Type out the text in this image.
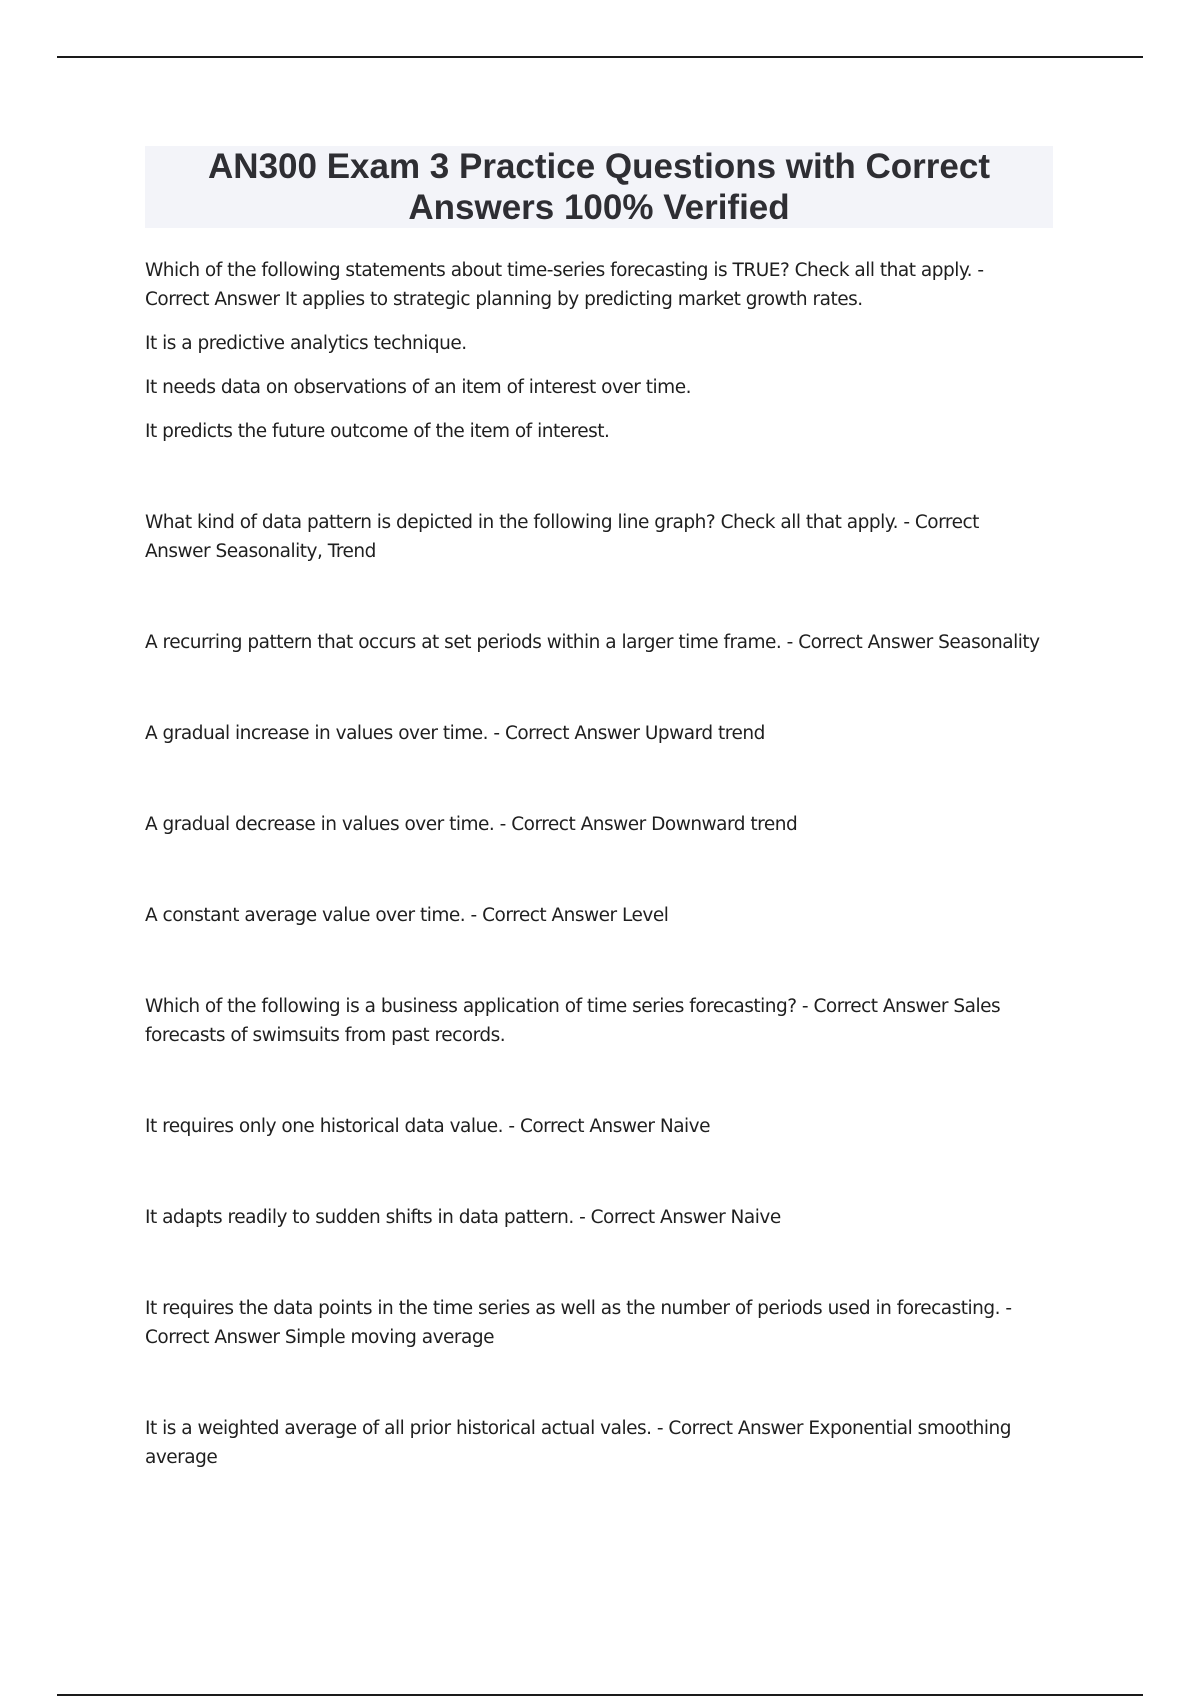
AN300 Exam 3 Practice Questions with Correct Answers 100% Verified

Which of the following statements about time-series forecasting is TRUE? Check all that apply. - Correct Answer It applies to strategic planning by predicting market growth rates.

It is a predictive analytics technique.

It needs data on observations of an item of interest over time.

It predicts the future outcome of the item of interest.

What kind of data pattern is depicted in the following line graph? Check all that apply. - Correct Answer Seasonality, Trend

A recurring pattern that occurs at set periods within a larger time frame. - Correct Answer Seasonality

A gradual increase in values over time. - Correct Answer Upward trend

A gradual decrease in values over time. - Correct Answer Downward trend

A constant average value over time. - Correct Answer Level

Which of the following is a business application of time series forecasting? - Correct Answer Sales forecasts of swimsuits from past records.

It requires only one historical data value. - Correct Answer Naive

It adapts readily to sudden shifts in data pattern. - Correct Answer Naive

It requires the data points in the time series as well as the number of periods used in forecasting. - Correct Answer Simple moving average

It is a weighted average of all prior historical actual vales. - Correct Answer Exponential smoothing average
